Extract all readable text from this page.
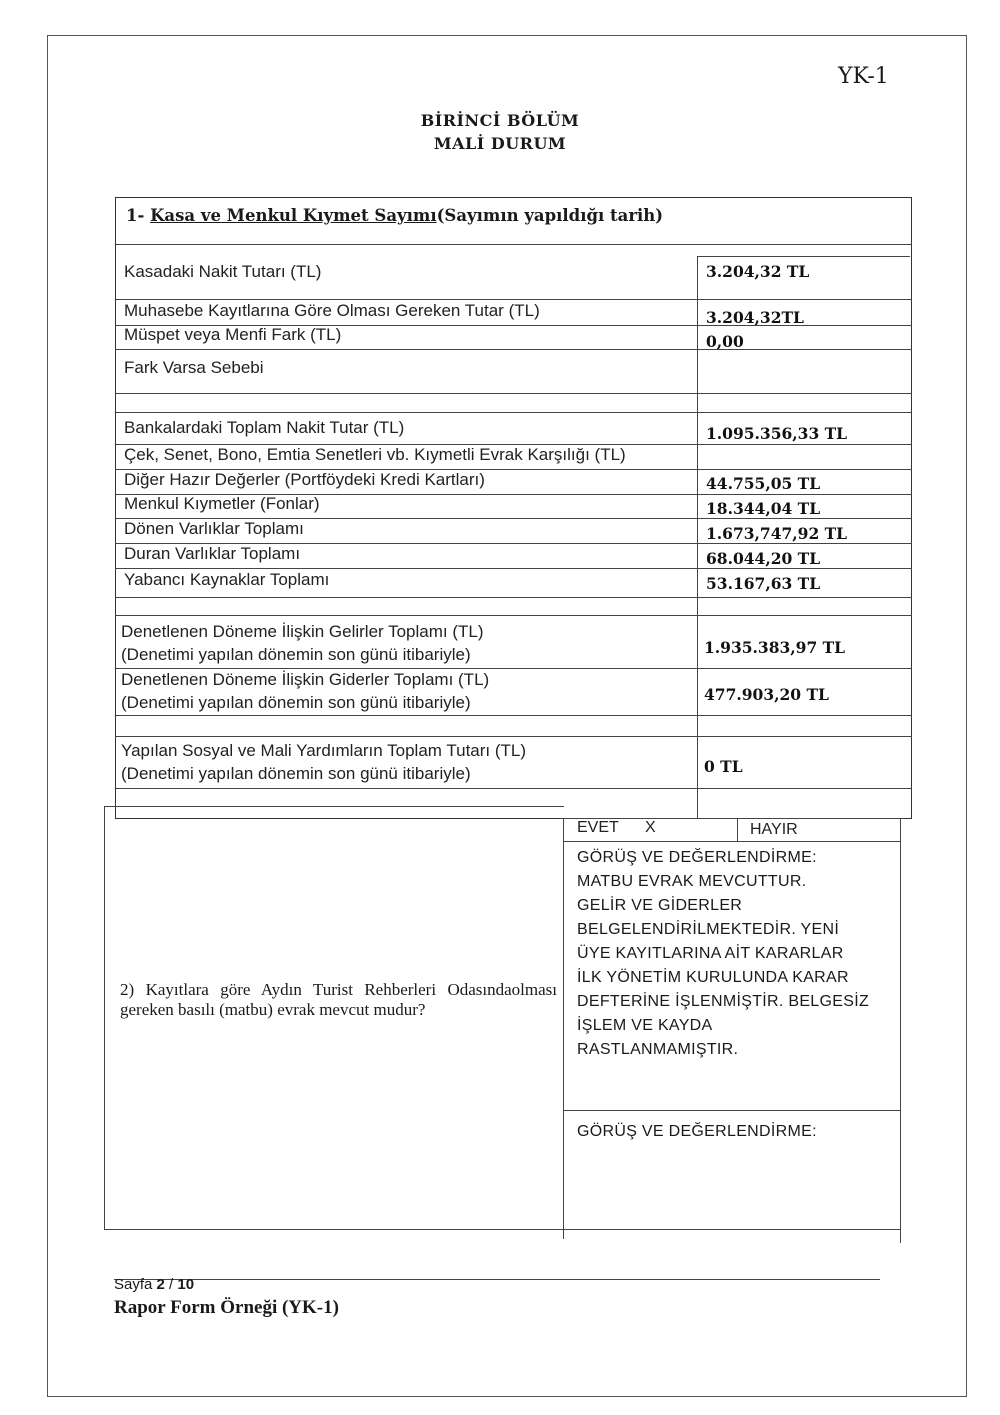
YK-1
BİRİNCİ BÖLÜM
MALİ DURUM
1- Kasa ve Menkul Kıymet Sayımı(Sayımın yapıldığı tarih)
Kasadaki Nakit Tutarı (TL)
Muhasebe Kayıtlarına Göre Olması Gereken Tutar (TL)
Müspet veya Menfi Fark (TL)
Fark Varsa Sebebi
Bankalardaki Toplam Nakit Tutar (TL)
Çek, Senet, Bono, Emtia Senetleri vb. Kıymetli Evrak Karşılığı (TL)
Diğer Hazır Değerler (Portföydeki Kredi Kartları)
Menkul Kıymetler (Fonlar)
Dönen Varlıklar Toplamı
Duran Varlıklar Toplamı
Yabancı Kaynaklar Toplamı
Denetlenen Döneme İlişkin Gelirler Toplamı (TL)
(Denetimi yapılan dönemin son günü itibariyle)
Denetlenen Döneme İlişkin Giderler Toplamı (TL)
(Denetimi yapılan dönemin son günü itibariyle)
Yapılan Sosyal ve Mali Yardımların Toplam Tutarı (TL)
(Denetimi yapılan dönemin son günü itibariyle)
3.204,32 TL
3.204,32TL
0,00
1.095.356,33 TL
44.755,05 TL
18.344,04 TL
1.673,747,92 TL
68.044,20 TL
53.167,63 TL
1.935.383,97 TL
477.903,20 TL
0 TL
EVET X	HAYIR
GÖRÜŞ VE DEĞERLENDİRME:
MATBU EVRAK MEVCUTTUR.
GELİR VE GİDERLER
BELGELENDİRİLMEKTEDİR. YENİ
ÜYE KAYITLARINA AİT KARARLAR
İLK YÖNETİM KURULUNDA KARAR
DEFTERİNE İŞLENMİŞTİR. BELGESİZ
İŞLEM VE KAYDA
RASTLANMAMIŞTIR.
GÖRÜŞ VE DEĞERLENDİRME:
2) Kayıtlara göre Aydın Turist Rehberleri Odasındaolması gereken basılı (matbu) evrak mevcut mudur?
Sayfa 2 / 10
Rapor Form Örneği (YK-1)
